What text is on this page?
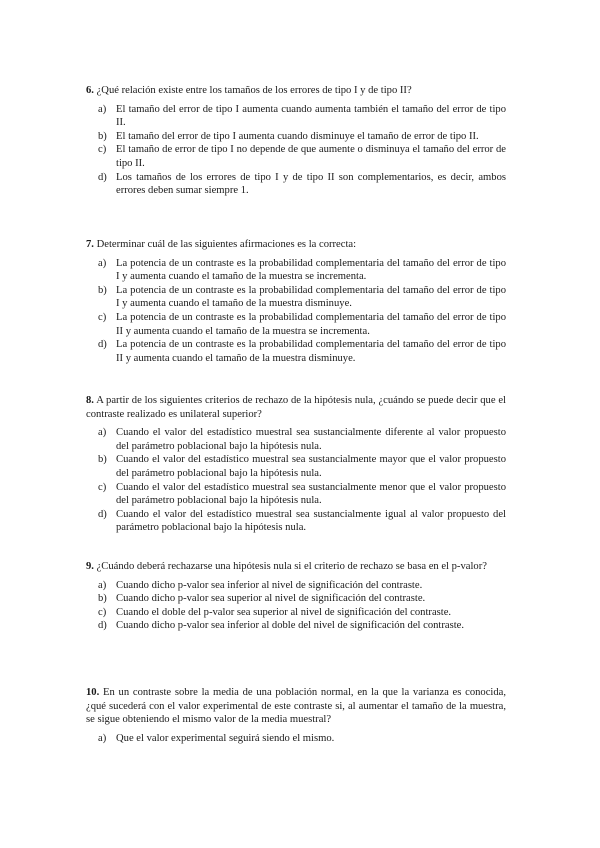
6. ¿Qué relación existe entre los tamaños de los errores de tipo I y de tipo II?

a) El tamaño del error de tipo I aumenta cuando aumenta también el tamaño del error de tipo II.
b) El tamaño del error de tipo I aumenta cuando disminuye el tamaño de error de tipo II.
c) El tamaño de error de tipo I no depende de que aumente o disminuya el tamaño del error de tipo II.
d) Los tamaños de los errores de tipo I y de tipo II son complementarios, es decir, ambos errores deben sumar siempre 1.

7. Determinar cuál de las siguientes afirmaciones es la correcta:

a) La potencia de un contraste es la probabilidad complementaria del tamaño del error de tipo I y aumenta cuando el tamaño de la muestra se incrementa.
b) La potencia de un contraste es la probabilidad complementaria del tamaño del error de tipo I y aumenta cuando el tamaño de la muestra disminuye.
c) La potencia de un contraste es la probabilidad complementaria del tamaño del error de tipo II y aumenta cuando el tamaño de la muestra se incrementa.
d) La potencia de un contraste es la probabilidad complementaria del tamaño del error de tipo II y aumenta cuando el tamaño de la muestra disminuye.

8. A partir de los siguientes criterios de rechazo de la hipótesis nula, ¿cuándo se puede decir que el contraste realizado es unilateral superior?

a) Cuando el valor del estadístico muestral sea sustancialmente diferente al valor propuesto del parámetro poblacional bajo la hipótesis nula.
b) Cuando el valor del estadístico muestral sea sustancialmente mayor que el valor propuesto del parámetro poblacional bajo la hipótesis nula.
c) Cuando el valor del estadístico muestral sea sustancialmente menor que el valor propuesto del parámetro poblacional bajo la hipótesis nula.
d) Cuando el valor del estadístico muestral sea sustancialmente igual al valor propuesto del parámetro poblacional bajo la hipótesis nula.

9. ¿Cuándo deberá rechazarse una hipótesis nula si el criterio de rechazo se basa en el p-valor?

a) Cuando dicho p-valor sea inferior al nivel de significación del contraste.
b) Cuando dicho p-valor sea superior al nivel de significación del contraste.
c) Cuando el doble del p-valor sea superior al nivel de significación del contraste.
d) Cuando dicho p-valor sea inferior al doble del nivel de significación del contraste.

10. En un contraste sobre la media de una población normal, en la que la varianza es conocida, ¿qué sucederá con el valor experimental de este contraste si, al aumentar el tamaño de la muestra, se sigue obteniendo el mismo valor de la media muestral?

a) Que el valor experimental seguirá siendo el mismo.
